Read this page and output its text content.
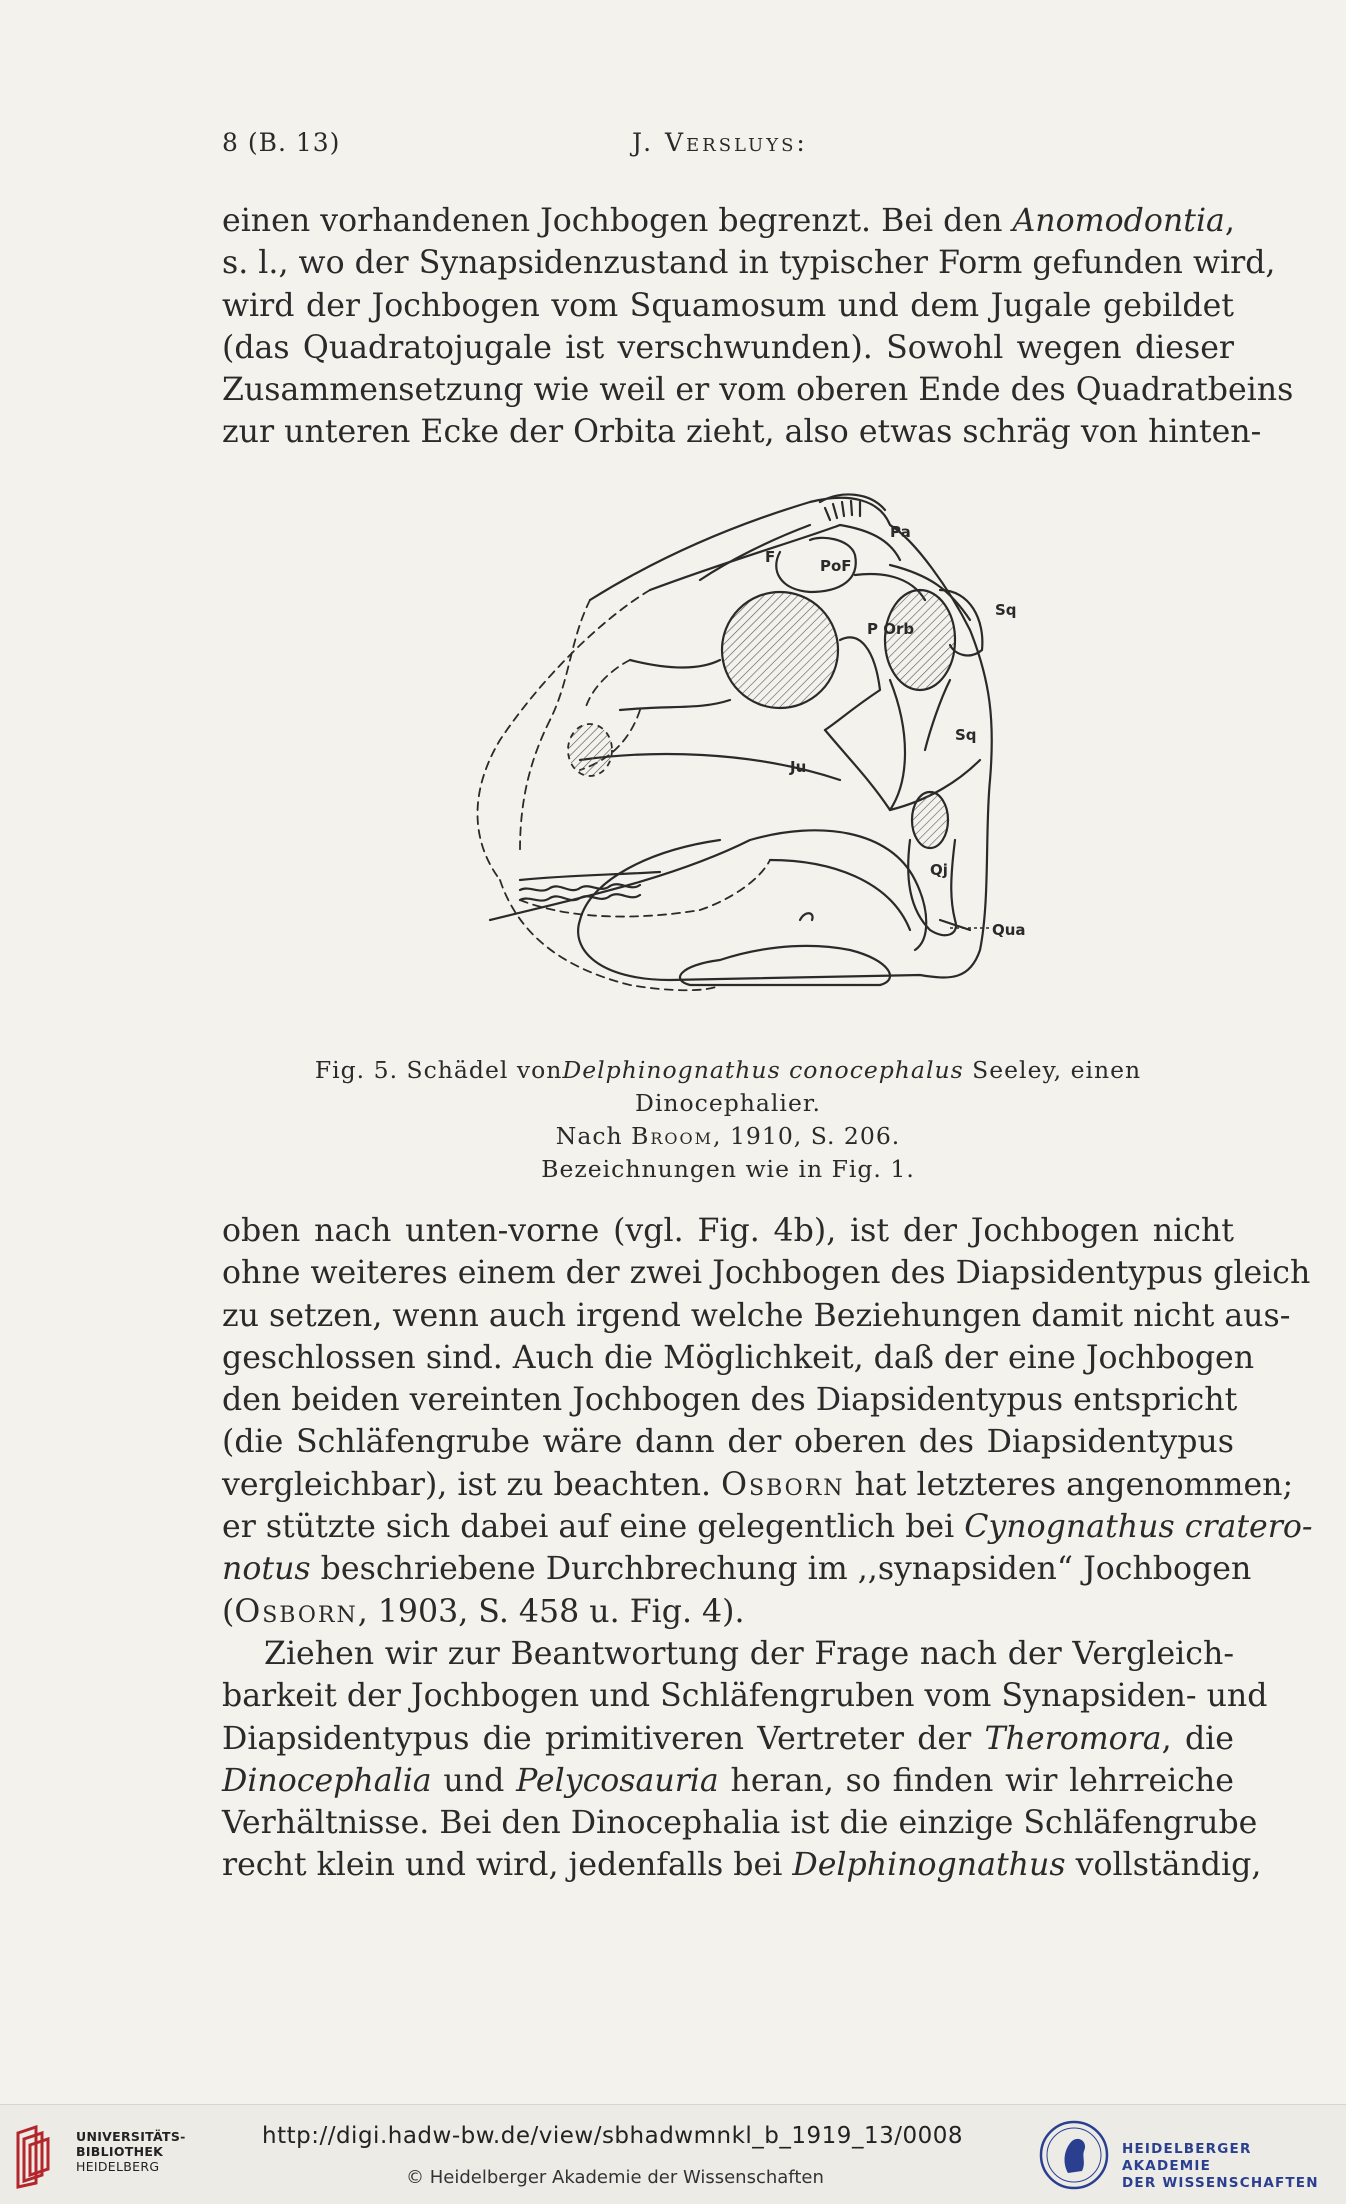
8 (B. 13)	J. Versluys:
einen vorhandenen Jochbogen begrenzt. Bei den Anomodontia,
s. l., wo der Synapsidenzustand in typischer Form gefunden wird,
wird der Jochbogen vom Squamosum und dem Jugale gebildet
(das Quadratojugale ist verschwunden). Sowohl wegen dieser
Zusammensetzung wie weil er vom oberen Ende des Quadratbeins
zur unteren Ecke der Orbita zieht, also etwas schräg von hinten-
Pa
PoF
F
P Orb
Sq
Sq
Ju
Qj
Qua
Fig. 5. Schädel vonDelphinognathus conocephalus Seeley, einen Dinocephalier.
Nach Broom, 1910, S. 206.
Bezeichnungen wie in Fig. 1.
oben nach unten-vorne (vgl. Fig. 4b), ist der Jochbogen nicht
ohne weiteres einem der zwei Jochbogen des Diapsidentypus gleich
zu setzen, wenn auch irgend welche Beziehungen damit nicht aus-
geschlossen sind. Auch die Möglichkeit, daß der eine Jochbogen
den beiden vereinten Jochbogen des Diapsidentypus entspricht
(die Schläfengrube wäre dann der oberen des Diapsidentypus
vergleichbar), ist zu beachten. Osborn hat letzteres angenommen;
er stützte sich dabei auf eine gelegentlich bei Cynognathus cratero-
notus beschriebene Durchbrechung im ,,synapsiden“ Jochbogen
(Osborn, 1903, S. 458 u. Fig. 4).
Ziehen wir zur Beantwortung der Frage nach der Vergleich-
barkeit der Jochbogen und Schläfengruben vom Synapsiden- und
Diapsidentypus die primitiveren Vertreter der Theromora, die
Dinocephalia und Pelycosauria heran, so finden wir lehrreiche
Verhältnisse. Bei den Dinocephalia ist die einzige Schläfengrube
recht klein und wird, jedenfalls bei Delphinognathus vollständig,
UNIVERSITÄTS-
BIBLIOTHEK
HEIDELBERG
http://digi.hadw-bw.de/view/sbhadwmnkl_b_1919_13/0008
© Heidelberger Akademie der Wissenschaften
HEIDELBERGER AKADEMIE
DER WISSENSCHAFTEN
